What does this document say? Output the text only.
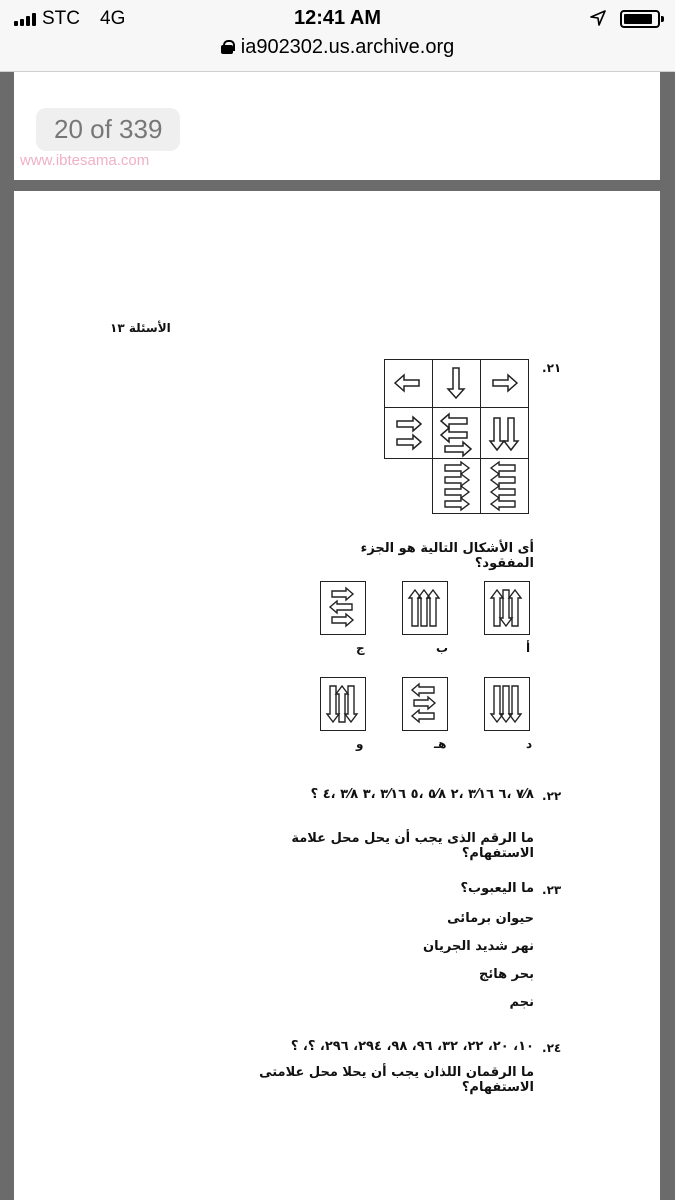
STC 4G	12:41 AM
ia902302.us.archive.org
20 of 339
www.ibtesama.com
الأسئلة ١٣
.٢١
أى الأشكال التالية هو الجزء المفقود؟
ج	ب	أ
و	هـ	د
.٢٢
٧⁄٨ ،٦ ٣⁄١٦ ،٢ ٥⁄٨ ،٥ ٣⁄١٦ ،٣ ٣⁄٨ ،٤ ؟
ما الرقم الذى يجب أن يحل محل علامة الاستفهام؟
.٢٣
ما اليعبوب؟
حيوان برمائى
نهر شديد الجريان
بحر هائج
نجم
.٢٤
١٠، ٢٠، ٢٢، ٣٢، ٩٦، ٩٨، ٢٩٤، ٢٩٦، ؟، ؟
ما الرقمان اللذان يجب أن يحلا محل علامتى الاستفهام؟
